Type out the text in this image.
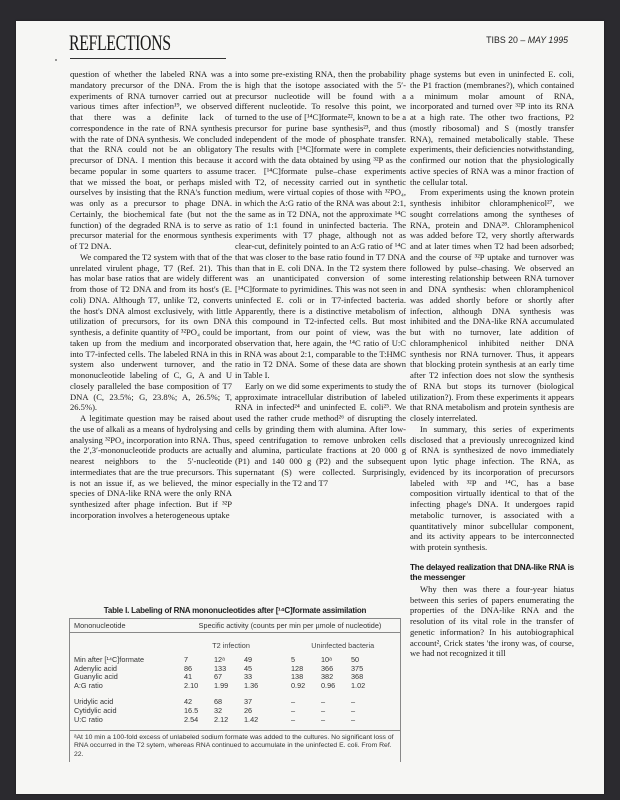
REFLECTIONS	TIBS 20 – MAY 1995

question of whether the labeled RNA was a mandatory precursor of the DNA. From the experiments of RNA turnover carried out at various times after infection¹⁹, we observed that there was a definite lack of correspondence in the rate of RNA synthesis with the rate of DNA synthesis. We concluded that the RNA could not be an obligatory precursor of DNA. I mention this because it became popular in some quarters to assume that we missed the boat, or perhaps misled ourselves by insisting that the RNA's function was only as a precursor to phage DNA. Certainly, the biochemical fate (but not the function) of the degraded RNA is to serve as precursor material for the enormous synthesis of T2 DNA.

We compared the T2 system with that of the unrelated virulent phage, T7 (Ref. 21). This has molar base ratios that are widely different from those of T2 DNA and from its host's (E. coli) DNA. Although T7, unlike T2, converts the host's DNA almost exclusively, with little utilization of precursors, for its own DNA synthesis, a definite quantity of ³²PO₄ could be taken up from the medium and incorporated into T7-infected cells. The labeled RNA in this system also underwent turnover, and the mononucleotide labeling of C, G, A and U closely paralleled the base composition of T7 DNA (C, 23.5%; G, 23.8%; A, 26.5%; T, 26.5%).

A legitimate question may be raised about the use of alkali as a means of hydrolysing and analysing ³²PO₄ incorporation into RNA. Thus, the 2′,3′-mononucleotide products are actually nearest neighbors to the 5′-nucleotide intermediates that are the true precursors. This is not an issue if, as we believed, the minor species of DNA-like RNA were the only RNA synthesized after phage infection. But if ³²P incorporation involves a heterogeneous uptake

into some pre-existing RNA, then the probability is high that the isotope associated with the 5′-precursor nucleotide will be found with a different nucleotide. To resolve this point, we turned to the use of [¹⁴C]formate²², known to be a precursor for purine base synthesis²³, and thus independent of the mode of phosphate transfer. The results with [¹⁴C]formate were in complete accord with the data obtained by using ³²P as the tracer. [¹⁴C]formate pulse–chase experiments with T2, of necessity carried out in synthetic medium, were virtual copies of those with ³²PO₄, in which the A:G ratio of the RNA was about 2:1, the same as in T2 DNA, not the approximate ¹⁴C ratio of 1:1 found in uninfected bacteria. The experiments with T7 phage, although not as clear-cut, definitely pointed to an A:G ratio of ¹⁴C that was closer to the base ratio found in T7 DNA than that in E. coli DNA. In the T2 system there was an unanticipated conversion of some [¹⁴C]formate to pyrimidines. This was not seen in uninfected E. coli or in T7-infected bacteria. Apparently, there is a distinctive metabolism of this compound in T2-infected cells. But most important, from our point of view, was the observation that, here again, the ¹⁴C ratio of U:C in RNA was about 2:1, comparable to the T:HMC ratio in T2 DNA. Some of these data are shown in Table I.

Early on we did some experiments to study the approximate intracellular distribution of labeled RNA in infected²⁴ and uninfected E. coli²⁵. We used the rather crude method²⁶ of disrupting the cells by grinding them with alumina. After low-speed centrifugation to remove unbroken cells and alumina, particulate fractions at 20 000 g (P1) and 140 000 g (P2) and the subsequent supernatant (S) were collected. Surprisingly, especially in the T2 and T7

phage systems but even in uninfected E. coli, the P1 fraction (membranes?), which contained a minimum molar amount of RNA, incorporated and turned over ³²P into its RNA at a high rate. The other two fractions, P2 (mostly ribosomal) and S (mostly transfer RNA), remained metabolically stable. These experiments, their deficiencies notwithstanding, confirmed our notion that the physiologically active species of RNA was a minor fraction of the cellular total.

From experiments using the known protein synthesis inhibitor chloramphenicol²⁷, we sought correlations among the syntheses of RNA, protein and DNA²⁸. Chloramphenicol was added before T2, very shortly afterwards and at later times when T2 had been adsorbed; and the course of ³²P uptake and turnover was followed by pulse–chasing. We observed an interesting relationship between RNA turnover and DNA synthesis: when chloramphenicol was added shortly before or shortly after infection, although DNA synthesis was inhibited and the DNA-like RNA accumulated but with no turnover, late addition of chloramphenicol inhibited neither DNA synthesis nor RNA turnover. Thus, it appears that blocking protein synthesis at an early time after T2 infection does not slow the synthesis of RNA but stops its turnover (biological utilization?). From these experiments it appears that RNA metabolism and protein synthesis are closely interrelated.

In summary, this series of experiments disclosed that a previously unrecognized kind of RNA is synthesized de novo immediately upon lytic phage infection. The RNA, as evidenced by its incorporation of precursors labeled with ³²P and ¹⁴C, has a base composition virtually identical to that of the infecting phage's DNA. It undergoes rapid metabolic turnover, is associated with a quantitatively minor subcellular component, and its activity appears to be interconnected with protein synthesis.

The delayed realization that DNA-like RNA is the messenger

Why then was there a four-year hiatus between this series of papers enumerating the properties of the DNA-like RNA and the resolution of its vital role in the transfer of genetic information? In his autobiographical account², Crick states 'the irony was, of course, we had not recognized it till

Table I. Labeling of RNA mononucleotides after [¹⁴C]formate assimilation
Mononucleotide	Specific activity (counts per min per µmole of nucleotide)
T2 infection	Uninfected bacteria
Min after [¹⁴C]formate	7	12ᵃ	49	5	10ᵃ	50
Adenylic acid	86	133	45	128	366	375
Guanylic acid	41	67	33	138	382	368
A:G ratio	2.10	1.99	1.36	0.92	0.96	1.02
Uridylic acid	42	68	37	–	–	–
Cytidylic acid	16.5	32	26	–	–	–
U:C ratio	2.54	2.12	1.42	–	–	–
ᵃAt 10 min a 100-fold excess of unlabeled sodium formate was added to the cultures. No significant loss of RNA occurred in the T2 sytem, whereas RNA continued to accumulate in the uninfected E. coli. From Ref. 22.
